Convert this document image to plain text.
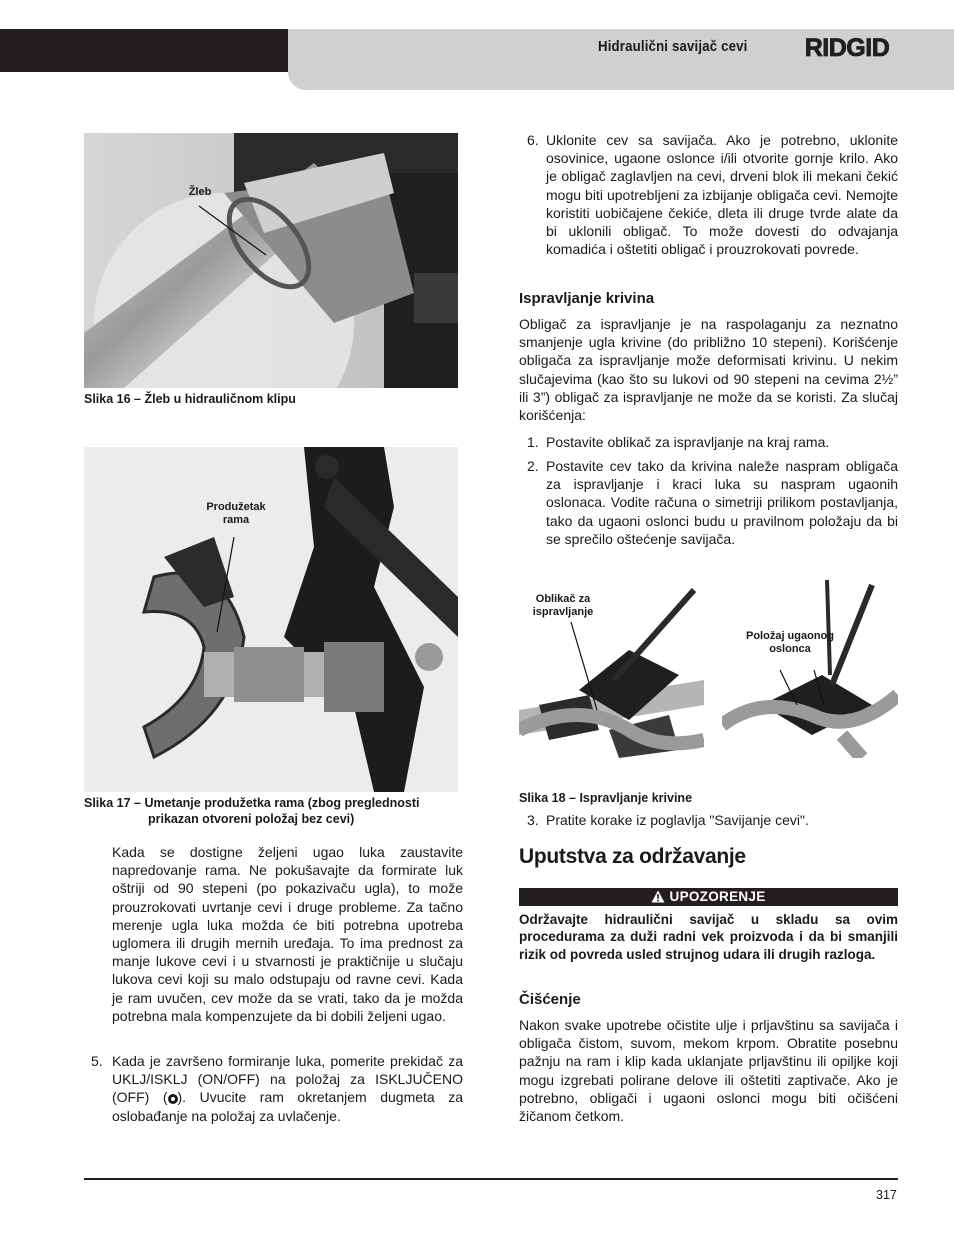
Hidraulični savijač cevi RIDGID
Žleb
Slika 16 – Žleb u hidrauličnom klipu
Produžetak rama
Slika 17 – Umetanje produžetka rama (zbog preglednosti
prikazan otvoreni položaj bez cevi)
Kada se dostigne željeni ugao luka zaustavite napredovanje rama. Ne pokušavajte da formirate luk oštriji od 90 stepeni (po pokazivaču ugla), to može prouzrokovati uvrtanje cevi i druge probleme. Za tačno merenje ugla luka možda će biti potrebna upotreba uglomera ili drugih mernih uređaja. To ima prednost za manje lukove cevi i u stvarnosti je praktičnije u slučaju lukova cevi koji su malo odstupaju od ravne cevi. Kada je ram uvučen, cev može da se vrati, tako da je možda potrebna mala kompenzujete da bi dobili željeni ugao.
5. Kada je završeno formiranje luka, pomerite prekidač za UKLJ/ISKLJ (ON/OFF) na položaj za ISKLJUČENO (OFF) ( ). Uvucite ram okretanjem dugmeta za oslobađanje na položaj za uvlačenje.
6. Uklonite cev sa savijača. Ako je potrebno, uklonite osovinice, ugaone oslonce i/ili otvorite gornje krilo. Ako je obligač zaglavljen na cevi, drveni blok ili mekani čekić mogu biti upotrebljeni za izbijanje obligača cevi. Nemojte koristiti uobičajene čekiće, dleta ili druge tvrde alate da bi uklonili obligač. To može dovesti do odvajanja komadića i oštetiti obligač i prouzrokovati povrede.
Ispravljanje krivina
Obligač za ispravljanje je na raspolaganju za neznatno smanjenje ugla krivine (do približno 10 stepeni). Korišćenje obligača za ispravljanje može deformisati krivinu. U nekim slučajevima (kao što su lukovi od 90 stepeni na cevima 2½” ili 3”) obligač za ispravljanje ne može da se koristi. Za slučaj korišćenja:
1. Postavite oblikač za ispravljanje na kraj rama.
2. Postavite cev tako da krivina naleže naspram obligača za ispravljanje i kraci luka su naspram ugaonih oslonaca. Vodite računa o simetriji prilikom postavljanja, tako da ugaoni oslonci budu u pravilnom položaju da bi se sprečilo oštećenje savijača.
Oblikač za ispravljanje
Položaj ugaonog oslonca
Slika 18 – Ispravljanje krivine
3. Pratite korake iz poglavlja "Savijanje cevi".
Uputstva za održavanje
UPOZORENJE
Održavajte hidraulični savijač u skladu sa ovim procedurama za duži radni vek proizvoda i da bi smanjili rizik od povreda usled strujnog udara ili drugih razloga.
Čišćenje
Nakon svake upotrebe očistite ulje i prljavštinu sa savijača i obligača čistom, suvom, mekom krpom. Obratite posebnu pažnju na ram i klip kada uklanjate prljavštinu ili opiljke koji mogu izgrebati polirane delove ili oštetiti zaptivače. Ako je potrebno, obligači i ugaoni oslonci mogu biti očišćeni žičanom četkom.
317
